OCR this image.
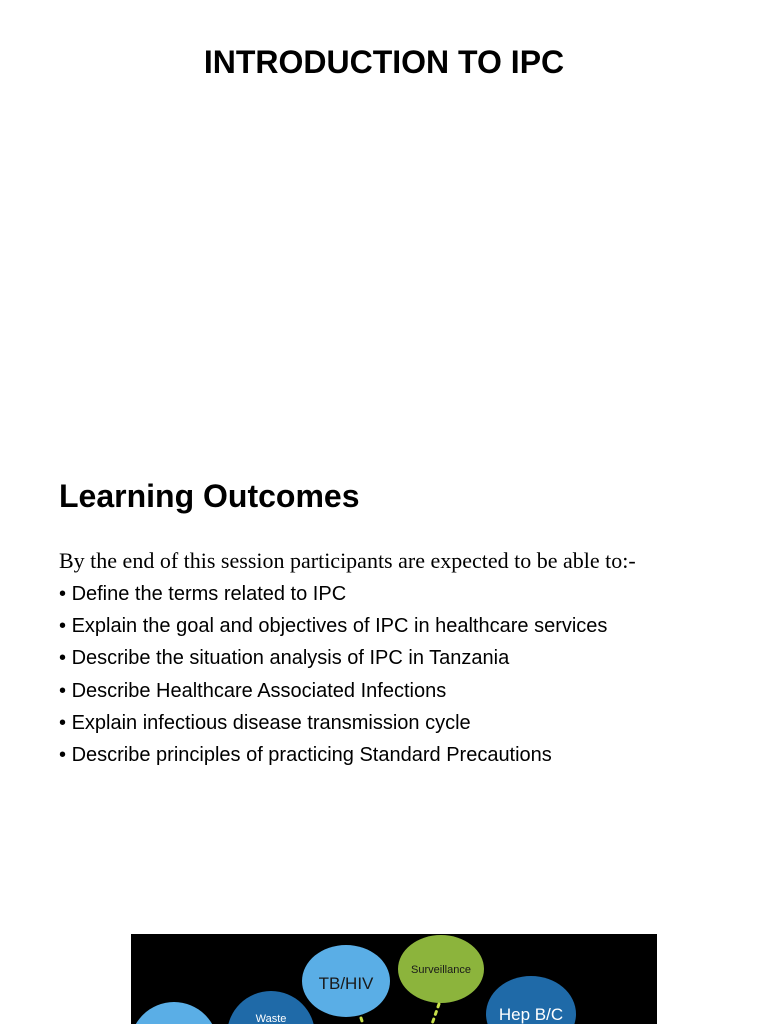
INTRODUCTION TO IPC
Learning Outcomes
By the end of this session participants are expected to be able to:-
• Define the terms related to IPC
• Explain the goal and objectives of IPC in healthcare services
• Describe the situation analysis of IPC in Tanzania
• Describe Healthcare Associated Infections
• Explain infectious disease transmission cycle
• Describe principles of practicing Standard Precautions
Waste
TB/HIV
Surveillance
Hep B/C
